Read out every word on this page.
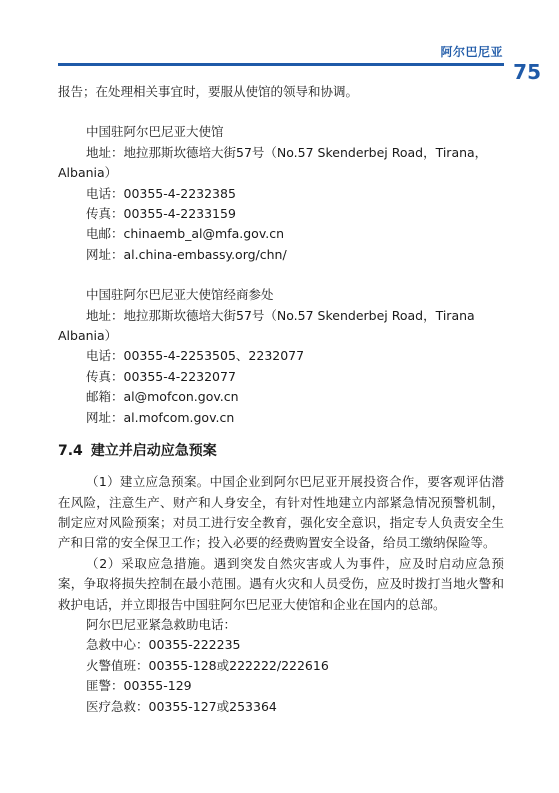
阿尔巴尼亚
75
报告；在处理相关事宜时，要服从使馆的领导和协调。
中国驻阿尔巴尼亚大使馆
地址：地拉那斯坎德培大街57号（No.57 Skenderbej Road，Tirana，
Albania）
电话：00355-4-2232385
传真：00355-4-2233159
电邮：chinaemb_al@mfa.gov.cn
网址：al.china-embassy.org/chn/
中国驻阿尔巴尼亚大使馆经商参处
地址：地拉那斯坎德培大街57号（No.57 Skenderbej Road，Tirana
Albania）
电话：00355-4-2253505、2232077
传真：00355-4-2232077
邮箱：al@mofcon.gov.cn
网址：al.mofcom.gov.cn
7.4 建立并启动应急预案
（1）建立应急预案。中国企业到阿尔巴尼亚开展投资合作，要客观评估潜在风险，注意生产、财产和人身安全，有针对性地建立内部紧急情况预警机制，制定应对风险预案；对员工进行安全教育，强化安全意识，指定专人负责安全生产和日常的安全保卫工作；投入必要的经费购置安全设备，给员工缴纳保险等。
（2）采取应急措施。遇到突发自然灾害或人为事件，应及时启动应急预案，争取将损失控制在最小范围。遇有火灾和人员受伤，应及时拨打当地火警和救护电话，并立即报告中国驻阿尔巴尼亚大使馆和企业在国内的总部。
阿尔巴尼亚紧急救助电话：
急救中心：00355-222235
火警值班：00355-128或222222/222616
匪警：00355-129
医疗急救：00355-127或253364
